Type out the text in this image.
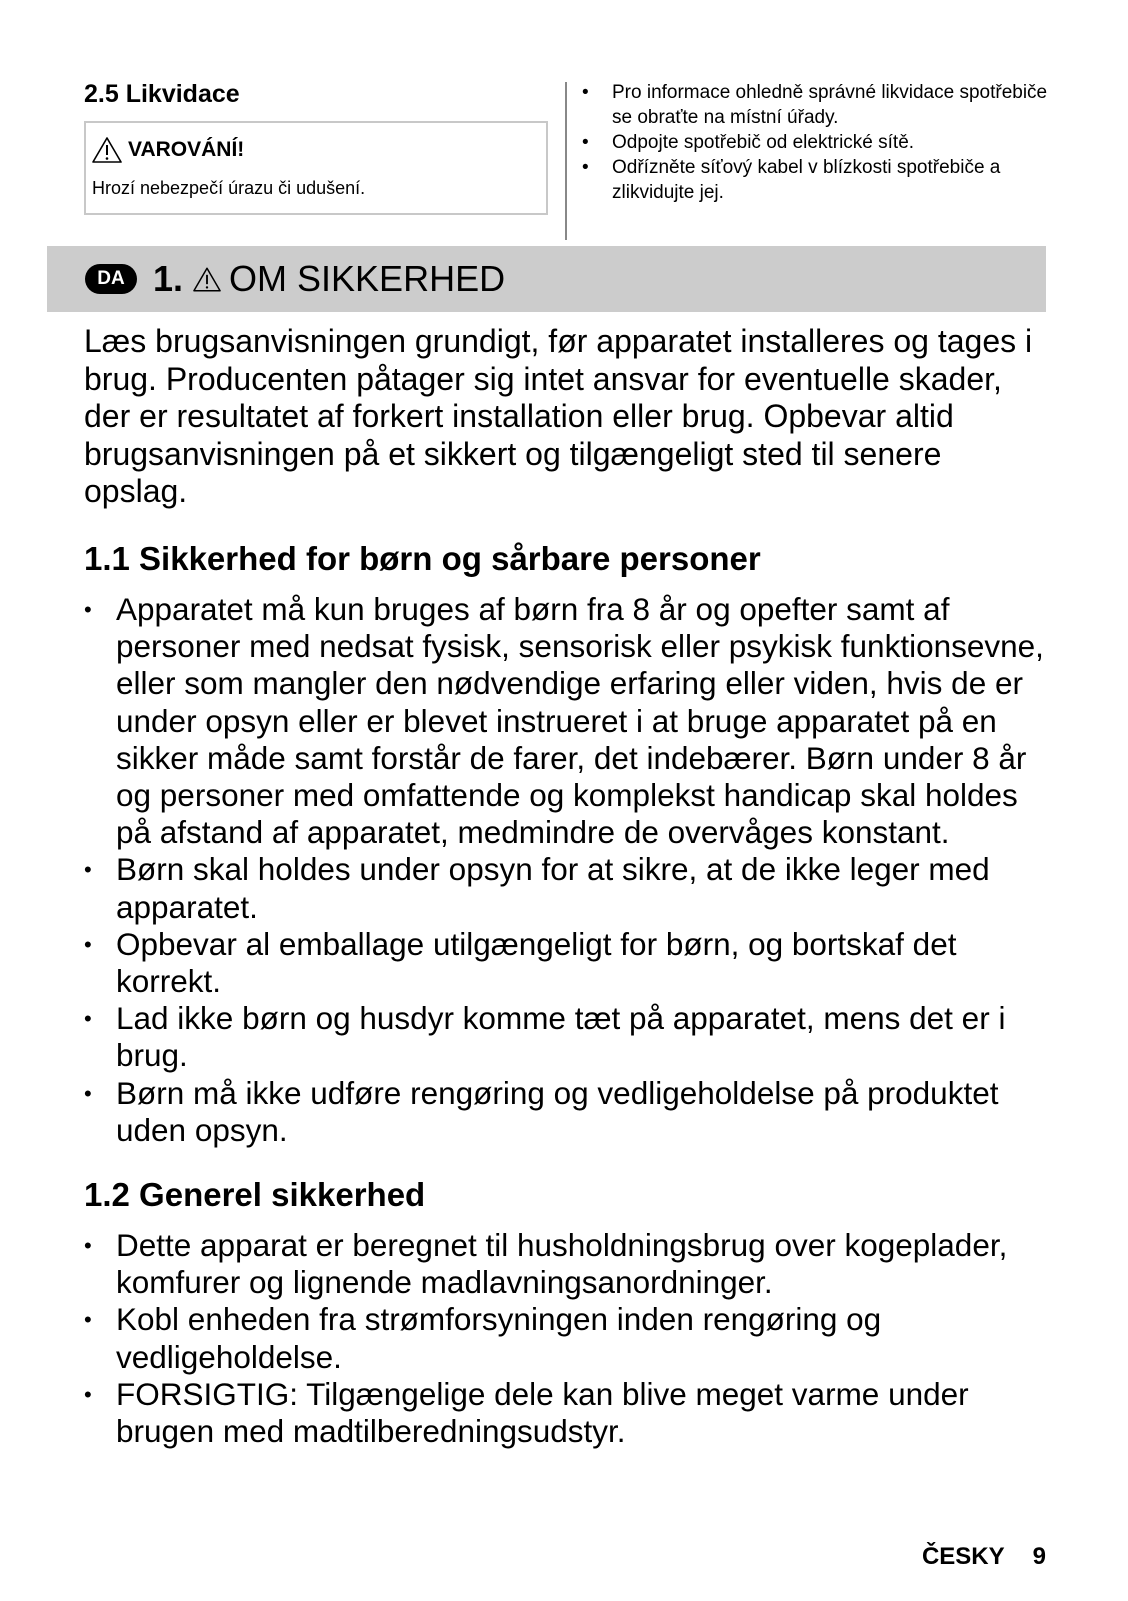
2.5 Likvidace
VAROVÁNÍ!
Hrozí nebezpečí úrazu či udušení.
• Pro informace ohledně správné likvidace spotřebiče se obraťte na místní úřady.
• Odpojte spotřebič od elektrické sítě.
• Odřízněte síťový kabel v blízkosti spotřebiče a zlikvidujte jej.
DA 1. OM SIKKERHED

Læs brugsanvisningen grundigt, før apparatet installeres og tages i brug. Producenten påtager sig intet ansvar for eventuelle skader, der er resultatet af forkert installation eller brug. Opbevar altid brugsanvisningen på et sikkert og tilgængeligt sted til senere opslag.

1.1 Sikkerhed for børn og sårbare personer
• Apparatet må kun bruges af børn fra 8 år og opefter samt af personer med nedsat fysisk, sensorisk eller psykisk funktionsevne, eller som mangler den nødvendige erfaring eller viden, hvis de er under opsyn eller er blevet instrueret i at bruge apparatet på en sikker måde samt forstår de farer, det indebærer. Børn under 8 år og personer med omfattende og komplekst handicap skal holdes på afstand af apparatet, medmindre de overvåges konstant.
• Børn skal holdes under opsyn for at sikre, at de ikke leger med apparatet.
• Opbevar al emballage utilgængeligt for børn, og bortskaf det korrekt.
• Lad ikke børn og husdyr komme tæt på apparatet, mens det er i brug.
• Børn må ikke udføre rengøring og vedligeholdelse på produktet uden opsyn.
1.2 Generel sikkerhed
• Dette apparat er beregnet til husholdningsbrug over kogeplader, komfurer og lignende madlavningsanordninger.
• Kobl enheden fra strømforsyningen inden rengøring og vedligeholdelse.
• FORSIGTIG: Tilgængelige dele kan blive meget varme under brugen med madtilberedningsudstyr.
ČESKY 9
